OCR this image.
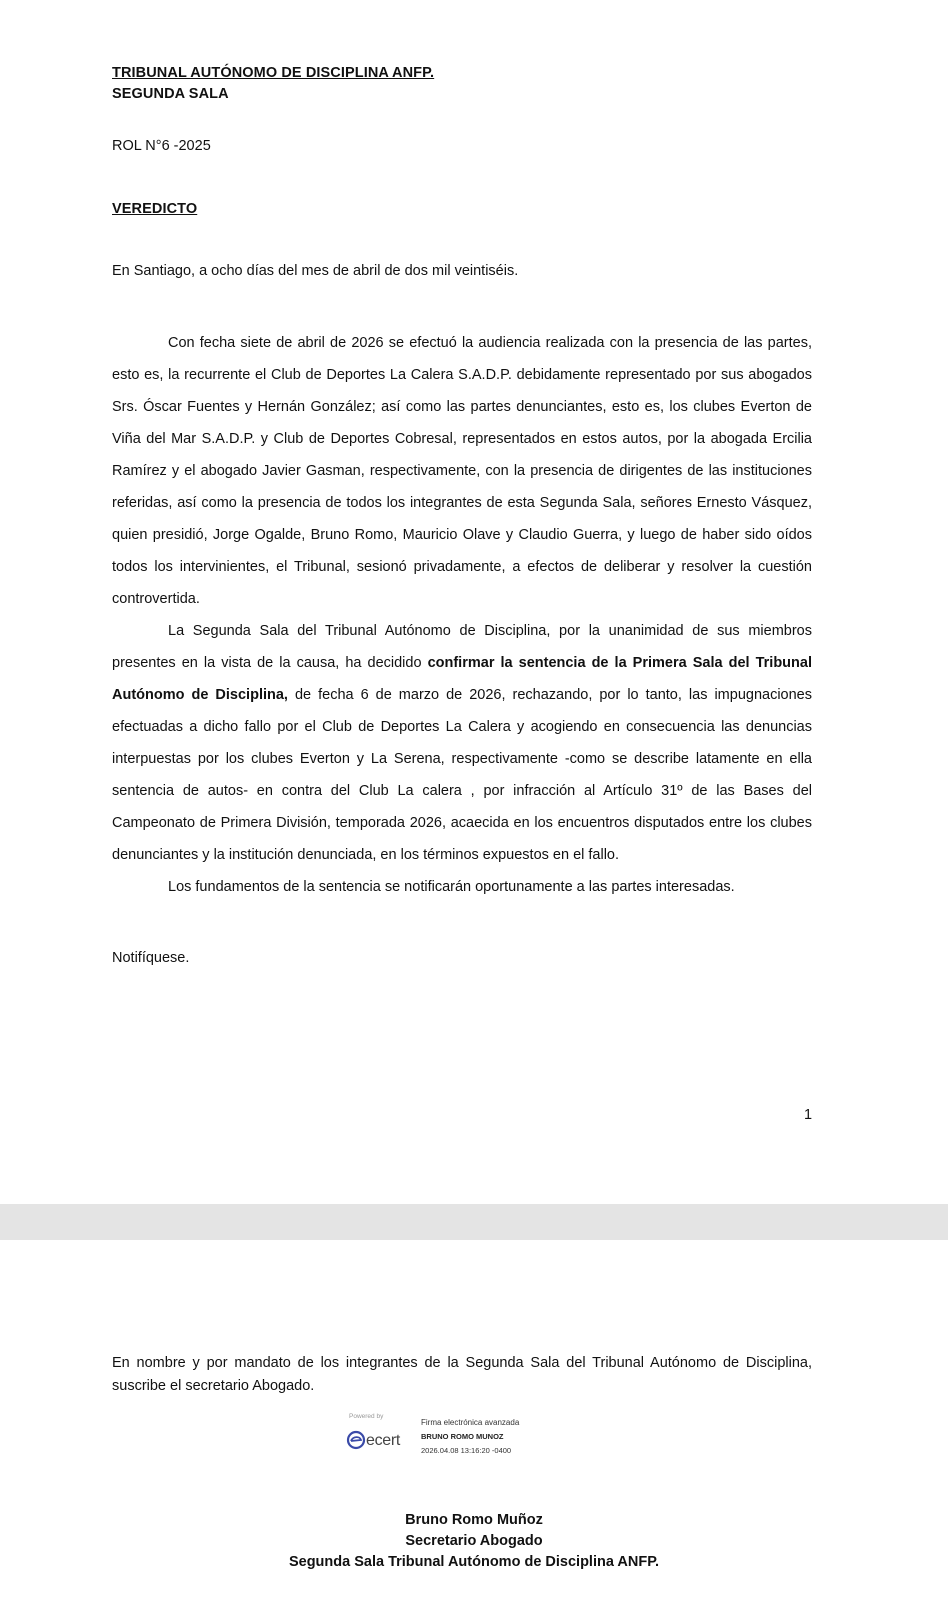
TRIBUNAL AUTÓNOMO DE DISCIPLINA ANFP.
SEGUNDA SALA
ROL N°6 -2025
VEREDICTO
En Santiago, a ocho días del mes de abril de dos mil veintiséis.

Con fecha siete de abril de 2026 se efectuó la audiencia realizada con la presencia de las partes, esto es, la recurrente el Club de Deportes La Calera S.A.D.P. debidamente representado por sus abogados Srs. Óscar Fuentes y Hernán González; así como las partes denunciantes, esto es, los clubes Everton de Viña del Mar S.A.D.P. y Club de Deportes Cobresal, representados en estos autos, por la abogada Ercilia Ramírez y el abogado Javier Gasman, respectivamente, con la presencia de dirigentes de las instituciones referidas, así como la presencia de todos los integrantes de esta Segunda Sala, señores Ernesto Vásquez, quien presidió, Jorge Ogalde, Bruno Romo, Mauricio Olave y Claudio Guerra, y luego de haber sido oídos todos los intervinientes, el Tribunal, sesionó privadamente, a efectos de deliberar y resolver la cuestión controvertida.

La Segunda Sala del Tribunal Autónomo de Disciplina, por la unanimidad de sus miembros presentes en la vista de la causa, ha decidido confirmar la sentencia de la Primera Sala del Tribunal Autónomo de Disciplina, de fecha 6 de marzo de 2026, rechazando, por lo tanto, las impugnaciones efectuadas a dicho fallo por el Club de Deportes La Calera y acogiendo en consecuencia las denuncias interpuestas por los clubes Everton y La Serena, respectivamente -como se describe latamente en ella sentencia de autos- en contra del Club La calera , por infracción al Artículo 31º de las Bases del Campeonato de Primera División, temporada 2026, acaecida en los encuentros disputados entre los clubes denunciantes y la institución denunciada, en los términos expuestos en el fallo.

Los fundamentos de la sentencia se notificarán oportunamente a las partes interesadas.

Notifíquese.
1
En nombre y por mandato de los integrantes de la Segunda Sala del Tribunal Autónomo de Disciplina, suscribe el secretario Abogado.
Powered by
ecert
Firma electrónica avanzada
BRUNO ROMO MUNOZ
2026.04.08 13:16:20 -0400
Bruno Romo Muñoz
Secretario Abogado
Segunda Sala Tribunal Autónomo de Disciplina ANFP.
